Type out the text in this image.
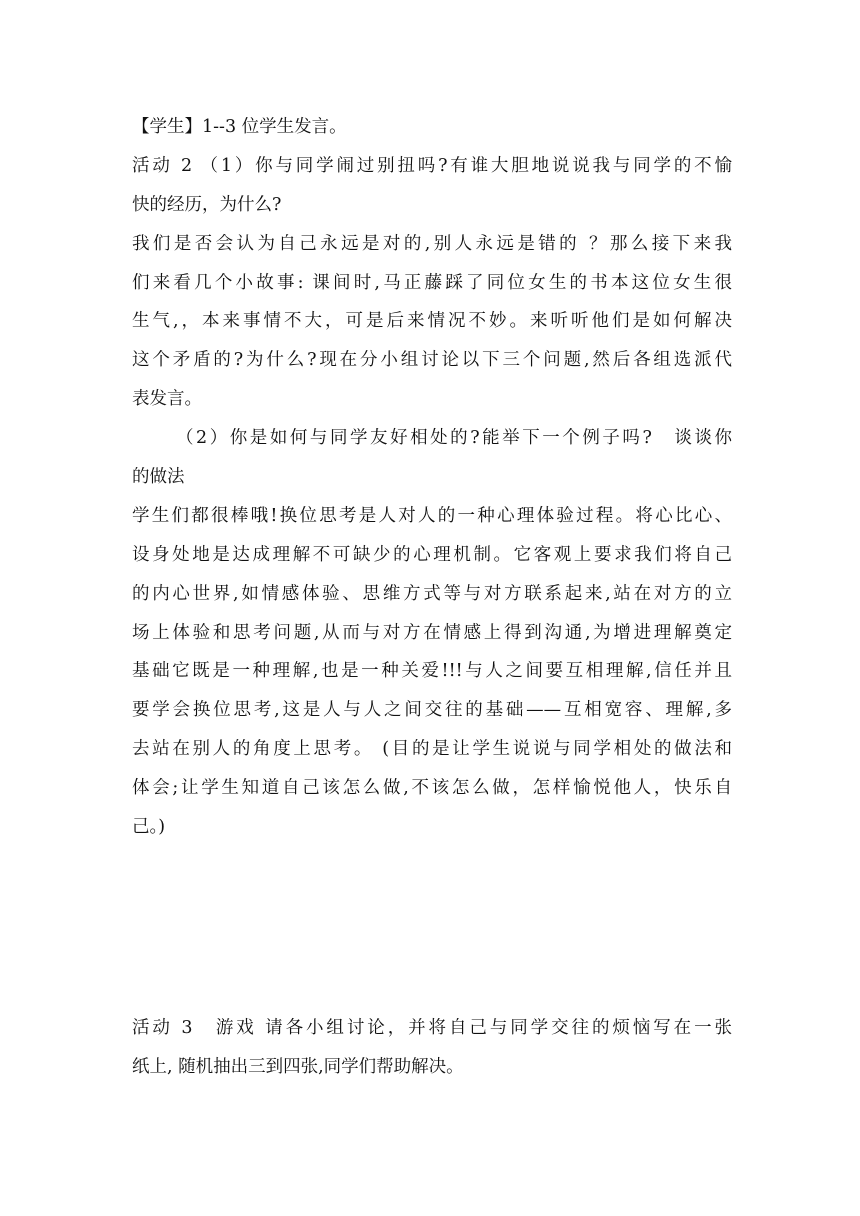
【学生】1--3 位学生发言。
活动 2 （1）你与同学闹过别扭吗?有谁大胆地说说我与同学的不愉
快的经历，为什么?
我们是否会认为自己永远是对的,别人永远是错的 ？那么接下来我
们来看几个小故事: 课间时,马正藤踩了同位女生的书本这位女生很
生气,，本来事情不大，可是后来情况不妙。来听听他们是如何解决
这个矛盾的?为什么?现在分小组讨论以下三个问题,然后各组选派代
表发言。
（2）你是如何与同学友好相处的?能举下一个例子吗?　谈谈你
的做法
学生们都很棒哦!换位思考是人对人的一种心理体验过程。将心比心、
设身处地是达成理解不可缺少的心理机制。它客观上要求我们将自己
的内心世界,如情感体验、思维方式等与对方联系起来,站在对方的立
场上体验和思考问题,从而与对方在情感上得到沟通,为增进理解奠定
基础它既是一种理解,也是一种关爱!!!与人之间要互相理解,信任并且
要学会换位思考,这是人与人之间交往的基础——互相宽容、理解,多
去站在别人的角度上思考。 (目的是让学生说说与同学相处的做法和
体会;让学生知道自己该怎么做,不该怎么做，怎样愉悦他人，快乐自
己。)
活动 3　游戏 请各小组讨论，并将自己与同学交往的烦恼写在一张
纸上, 随机抽出三到四张,同学们帮助解决。
